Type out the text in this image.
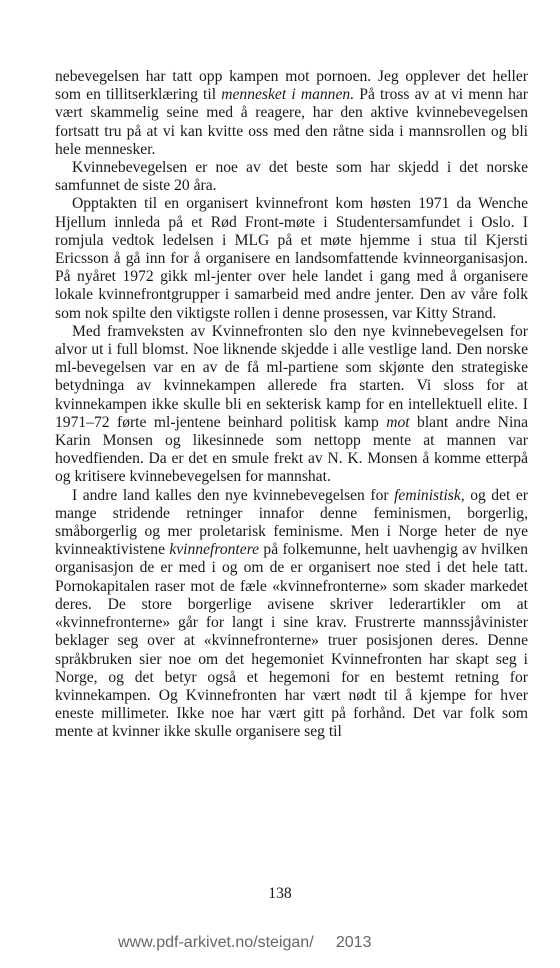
nebevegelsen har tatt opp kampen mot pornoen. Jeg opplever det heller som en tillitserklæring til mennesket i mannen. På tross av at vi menn har vært skammelig seine med å reagere, har den aktive kvinnebevegelsen fortsatt tru på at vi kan kvitte oss med den råtne sida i mannsrollen og bli hele mennesker.

Kvinnebevegelsen er noe av det beste som har skjedd i det norske samfunnet de siste 20 åra.

Opptakten til en organisert kvinnefront kom høsten 1971 da Wenche Hjellum innleda på et Rød Front-møte i Studentersamfundet i Oslo. I romjula vedtok ledelsen i MLG på et møte hjemme i stua til Kjersti Ericsson å gå inn for å organisere en landsomfattende kvinneorganisasjon. På nyåret 1972 gikk ml-jenter over hele landet i gang med å organisere lokale kvinnefrontgrupper i samarbeid med andre jenter. Den av våre folk som nok spilte den viktigste rollen i denne prosessen, var Kitty Strand.

Med framveksten av Kvinnefronten slo den nye kvinnebevegelsen for alvor ut i full blomst. Noe liknende skjedde i alle vestlige land. Den norske ml-bevegelsen var en av de få ml-partiene som skjønte den strategiske betydninga av kvinnekampen allerede fra starten. Vi sloss for at kvinnekampen ikke skulle bli en sekterisk kamp for en intellektuell elite. I 1971–72 førte ml-jentene beinhard politisk kamp mot blant andre Nina Karin Monsen og likesinnede som nettopp mente at mannen var hovedfienden. Da er det en smule frekt av N. K. Monsen å komme etterpå og kritisere kvinnebevegelsen for mannshat.

I andre land kalles den nye kvinnebevegelsen for feministisk, og det er mange stridende retninger innafor denne feminismen, borgerlig, småborgerlig og mer proletarisk feminisme. Men i Norge heter de nye kvinneaktivistene kvinnefrontere på folkemunne, helt uavhengig av hvilken organisasjon de er med i og om de er organisert noe sted i det hele tatt. Pornokapitalen raser mot de fæle «kvinnefronterne» som skader markedet deres. De store borgerlige avisene skriver lederartikler om at «kvinnefronterne» går for langt i sine krav. Frustrerte mannssjåvinister beklager seg over at «kvinnefronterne» truer posisjonen deres. Denne språkbruken sier noe om det hegemoniet Kvinnefronten har skapt seg i Norge, og det betyr også et hegemoni for en bestemt retning for kvinnekampen. Og Kvinnefronten har vært nødt til å kjempe for hver eneste millimeter. Ikke noe har vært gitt på forhånd. Det var folk som mente at kvinner ikke skulle organisere seg til

138
www.pdf-arkivet.no/steigan/     2013
